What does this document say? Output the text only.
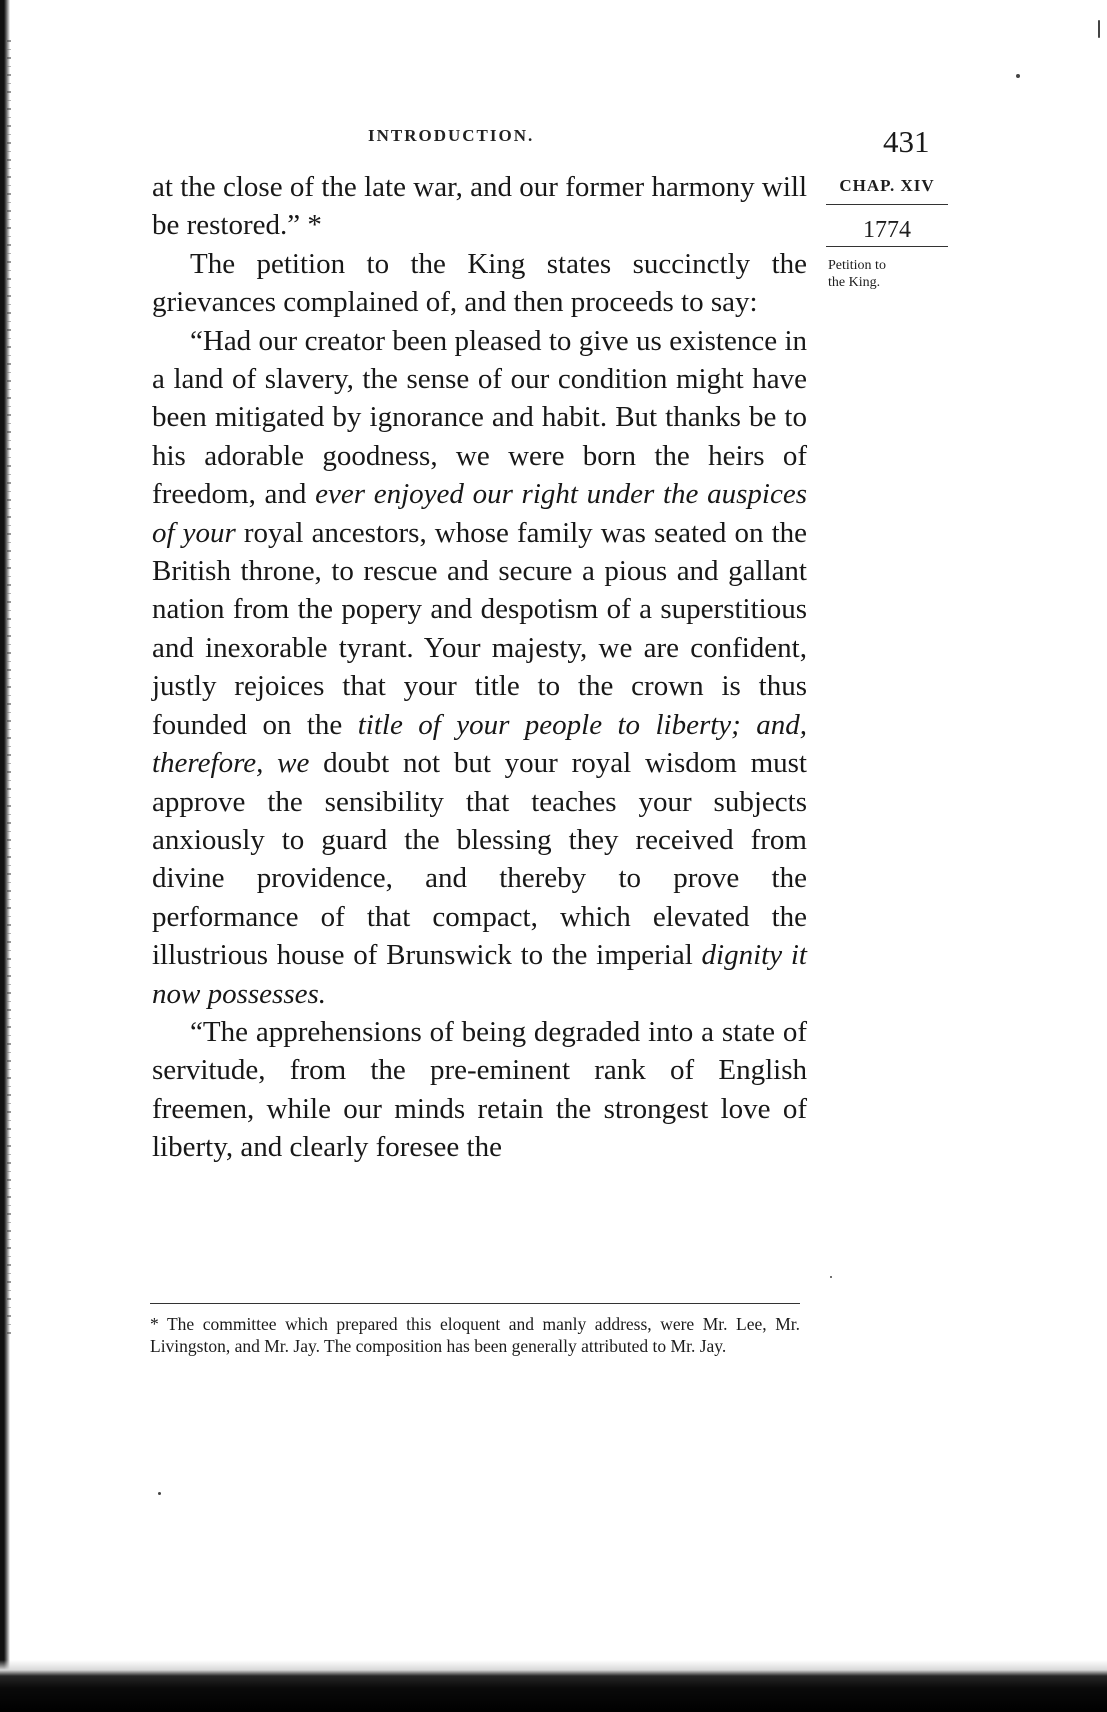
INTRODUCTION.	431

at the close of the late war, and our former harmony will be restored.” *

The petition to the King states succinctly the grievances complained of, and then proceeds to say:

“Had our creator been pleased to give us existence in a land of slavery, the sense of our condition might have been mitigated by ignorance and habit. But thanks be to his adorable goodness, we were born the heirs of freedom, and ever enjoyed our right under the auspices of your royal ancestors, whose family was seated on the British throne, to rescue and secure a pious and gallant nation from the popery and despotism of a superstitious and inexorable tyrant. Your majesty, we are confident, justly rejoices that your title to the crown is thus founded on the title of your people to liberty; and, therefore, we doubt not but your royal wisdom must approve the sensibility that teaches your subjects anxiously to guard the blessing they received from divine providence, and thereby to prove the performance of that compact, which elevated the illustrious house of Brunswick to the imperial dignity it now possesses.

“The apprehensions of being degraded into a state of servitude, from the pre-eminent rank of English freemen, while our minds retain the strongest love of liberty, and clearly foresee the

* The committee which prepared this eloquent and manly address, were Mr. Lee, Mr. Livingston, and Mr. Jay. The composition has been generally attributed to Mr. Jay.
CHAP. XIV
1774
Petition to
the King.
